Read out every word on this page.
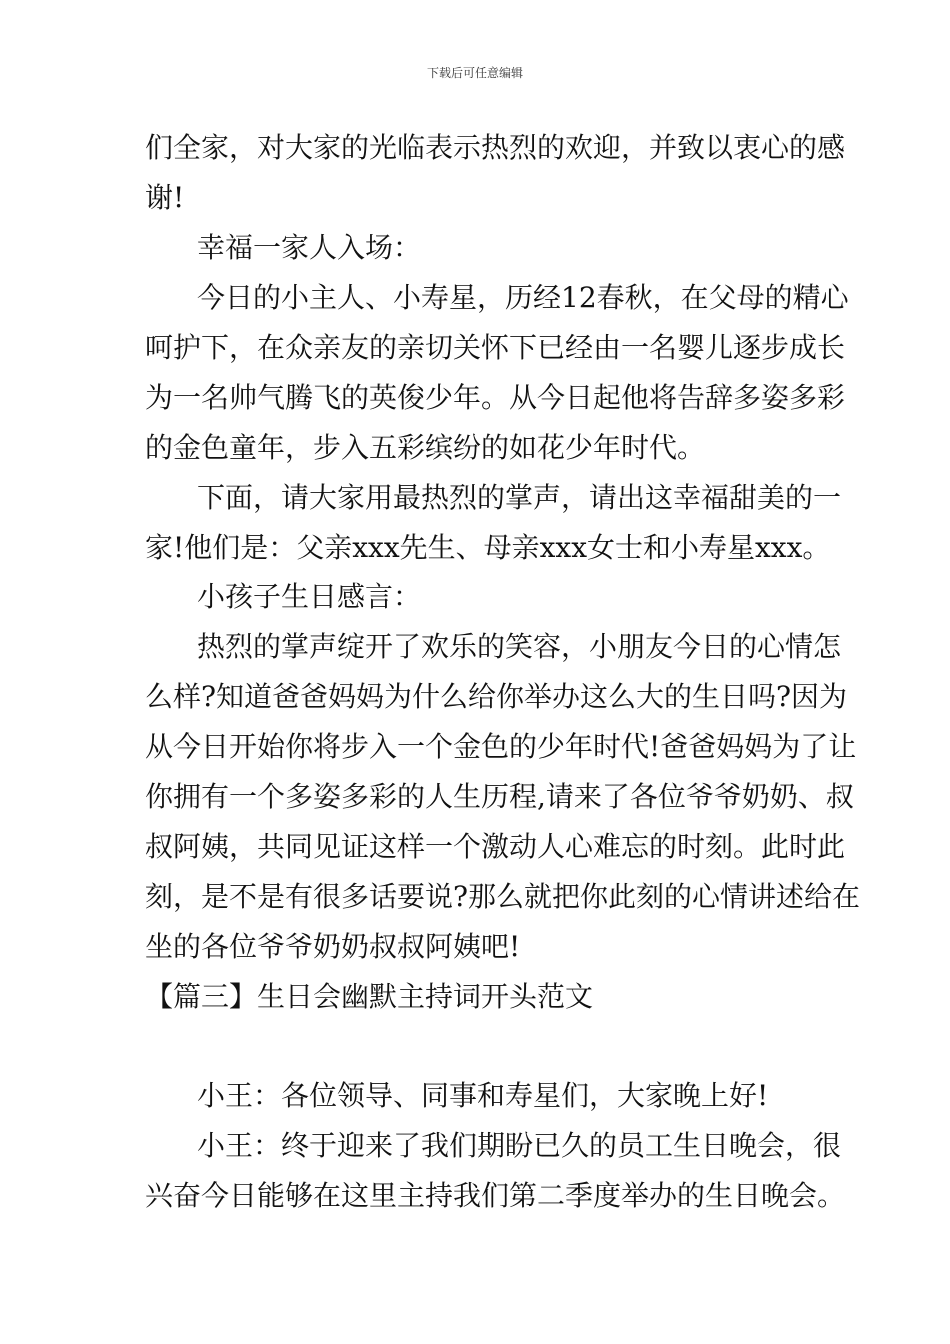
下载后可任意编辑
们全家，对大家的光临表示热烈的欢迎，并致以衷心的感
谢!
幸福一家人入场：
今日的小主人、小寿星，历经12春秋，在父母的精心
呵护下，在众亲友的亲切关怀下已经由一名婴儿逐步成长
为一名帅气腾飞的英俊少年。从今日起他将告辞多姿多彩
的金色童年，步入五彩缤纷的如花少年时代。
下面，请大家用最热烈的掌声，请出这幸福甜美的一
家!他们是：父亲xxx先生、母亲xxx女士和小寿星xxx。
小孩子生日感言：
热烈的掌声绽开了欢乐的笑容，小朋友今日的心情怎
么样?知道爸爸妈妈为什么给你举办这么大的生日吗?因为
从今日开始你将步入一个金色的少年时代!爸爸妈妈为了让
你拥有一个多姿多彩的人生历程,请来了各位爷爷奶奶、叔
叔阿姨，共同见证这样一个激动人心难忘的时刻。此时此
刻，是不是有很多话要说?那么就把你此刻的心情讲述给在
坐的各位爷爷奶奶叔叔阿姨吧!
【篇三】生日会幽默主持词开头范文
小王：各位领导、同事和寿星们，大家晚上好!
小王：终于迎来了我们期盼已久的员工生日晚会，很
兴奋今日能够在这里主持我们第二季度举办的生日晚会。
